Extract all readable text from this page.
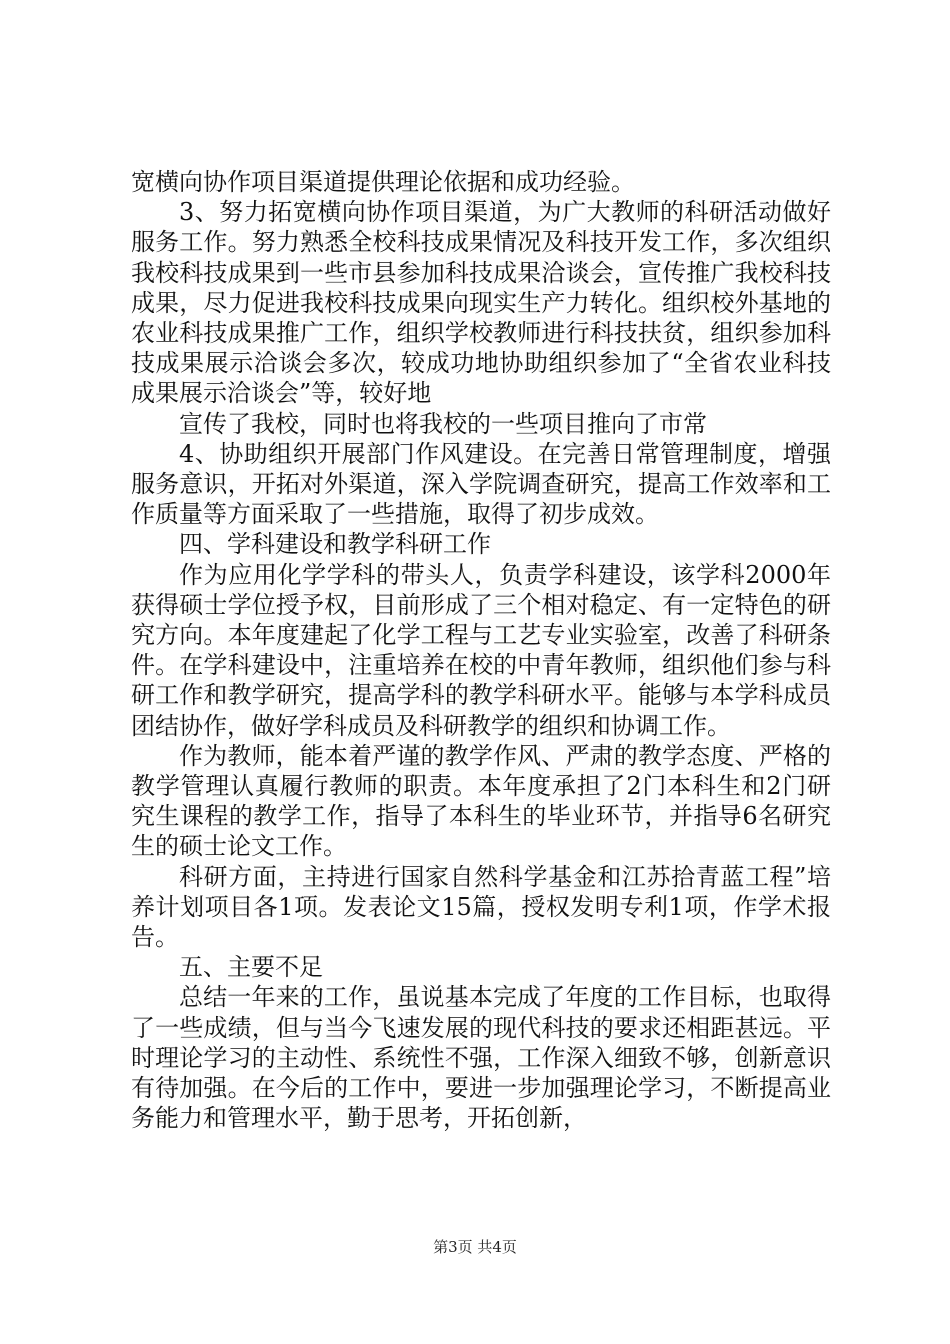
宽横向协作项目渠道提供理论依据和成功经验。

3、努力拓宽横向协作项目渠道，为广大教师的科研活动做好服务工作。努力熟悉全校科技成果情况及科技开发工作，多次组织我校科技成果到一些市县参加科技成果洽谈会，宣传推广我校科技成果，尽力促进我校科技成果向现实生产力转化。组织校外基地的农业科技成果推广工作，组织学校教师进行科技扶贫，组织参加科技成果展示洽谈会多次，较成功地协助组织参加了“全省农业科技成果展示洽谈会”等，较好地

宣传了我校，同时也将我校的一些项目推向了市常

4、协助组织开展部门作风建设。在完善日常管理制度，增强服务意识，开拓对外渠道，深入学院调查研究，提高工作效率和工作质量等方面采取了一些措施，取得了初步成效。

四、学科建设和教学科研工作

作为应用化学学科的带头人，负责学科建设，该学科2000年获得硕士学位授予权，目前形成了三个相对稳定、有一定特色的研究方向。本年度建起了化学工程与工艺专业实验室，改善了科研条件。在学科建设中，注重培养在校的中青年教师，组织他们参与科研工作和教学研究，提高学科的教学科研水平。能够与本学科成员团结协作，做好学科成员及科研教学的组织和协调工作。

作为教师，能本着严谨的教学作风、严肃的教学态度、严格的教学管理认真履行教师的职责。本年度承担了2门本科生和2门研究生课程的教学工作，指导了本科生的毕业环节，并指导6名研究生的硕士论文工作。

科研方面，主持进行国家自然科学基金和江苏拾青蓝工程”培养计划项目各1项。发表论文15篇，授权发明专利1项，作学术报告。

五、主要不足

总结一年来的工作，虽说基本完成了年度的工作目标，也取得了一些成绩，但与当今飞速发展的现代科技的要求还相距甚远。平时理论学习的主动性、系统性不强，工作深入细致不够，创新意识有待加强。在今后的工作中，要进一步加强理论学习，不断提高业务能力和管理水平，勤于思考，开拓创新，

第3页 共4页
